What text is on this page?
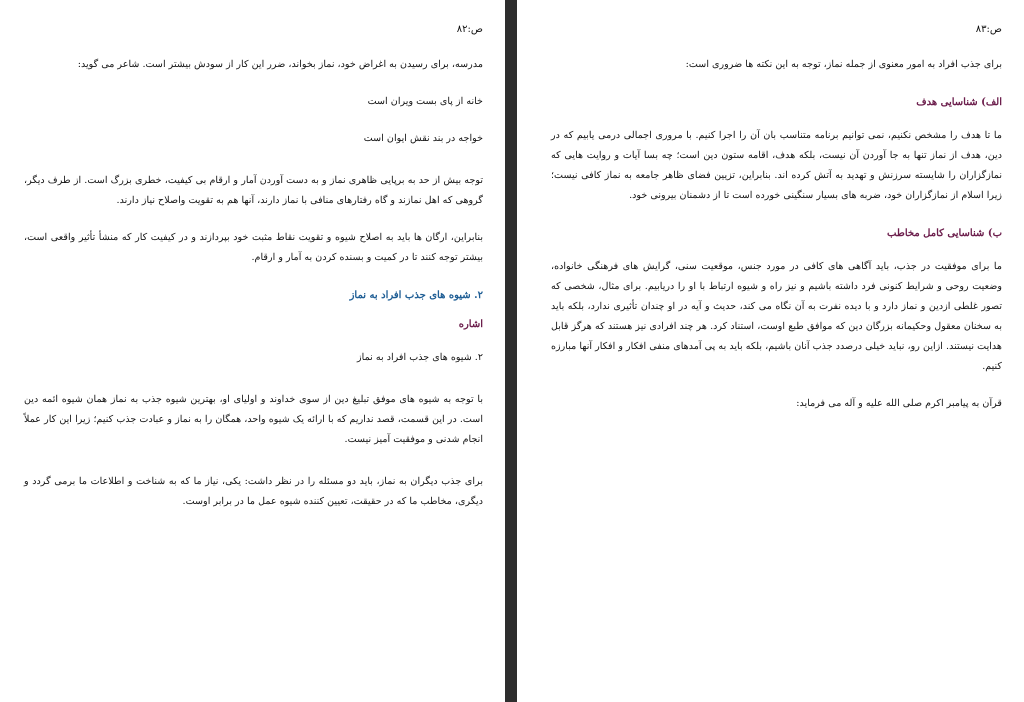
ص:۸۲

مدرسه، برای رسیدن به اغراض خود، نماز بخواند، ضرر این کار از سودش بیشتر است. شاعر می گوید:

خانه از پای بست ویران است

خواجه در بند نقش ایوان است

توجه بیش از حد به برپایی ظاهری نماز و به دست آوردن آمار و ارقام بی کیفیت، خطری بزرگ است. از طرف دیگر، گروهی که اهل نمازند و گاه رفتارهای منافی با نماز دارند، آنها هم به تقویت واصلاح نیاز دارند.

بنابراین، ارگان ها باید به اصلاح شیوه و تقویت نقاط مثبت خود بپردازند و در کیفیت کار که منشأ تأثیر واقعی است، بیشتر توجه کنند تا در کمیت و بسنده کردن به آمار و ارقام.

۲. شیوه های جذب افراد به نماز
اشاره

۲. شیوه های جذب افراد به نماز

با توجه به شیوه های موفق تبلیغ دین از سوی خداوند و اولیای او، بهترین شیوه جذب به نماز همان شیوه ائمه دین است. در این قسمت، قصد نداریم که با ارائه یک شیوه واحد، همگان را به نماز و عبادت جذب کنیم؛ زیرا این کار عملاً انجام شدنی و موفقیت آمیز نیست.

برای جذب دیگران به نماز، باید دو مسئله را در نظر داشت: یکی، نیاز ما که به شناخت و اطلاعات ما برمی گردد و دیگری، مخاطب ما که در حقیقت، تعیین کننده شیوه عمل ما در برابر اوست.

ص:۸۳

برای جذب افراد به امور معنوی از جمله نماز، توجه به این نکته ها ضروری است:

الف) شناسایی هدف

ما تا هدف را مشخص نکنیم، نمی توانیم برنامه متناسب بان آن را اجرا کنیم. با مروری اجمالی درمی یابیم که در دین، هدف از نماز تنها به جا آوردن آن نیست، بلکه هدف، اقامه ستون دین است؛ چه بسا آیات و روایت هایی که نمازگزاران را شایسته سرزنش و تهدید به آتش کرده اند. بنابراین، تزیین فضای ظاهر جامعه به نماز کافی نیست؛ زیرا اسلام از نمازگزاران خود، ضربه های بسیار سنگینی خورده است تا از دشمنان بیرونی خود.

ب) شناسایی کامل مخاطب

ما برای موفقیت در جذب، باید آگاهی های کافی در مورد جنس، موقعیت سنی، گرایش های فرهنگی خانواده، وضعیت روحی و شرایط کنونی فرد داشته باشیم و نیز راه و شیوه ارتباط با او را دریابیم. برای مثال، شخصی که تصور غلطی ازدین و نماز دارد و با دیده نفرت به آن نگاه می کند، حدیث و آیه در او چندان تأثیری ندارد، بلکه باید به سخنان معقول وحکیمانه بزرگان دین که موافق طبع اوست، استناد کرد. هر چند افرادی نیز هستند که هرگز قابل هدایت نیستند. ازاین رو، نباید خیلی درصدد جذب آنان باشیم، بلکه باید به پی آمدهای منفی افکار و افکار آنها مبارزه کنیم.

قرآن به پیامبر اکرم صلی الله علیه و آله می فرماید:
